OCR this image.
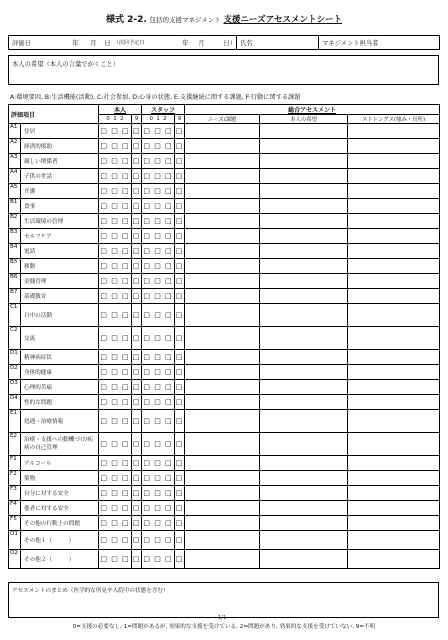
様式 2-2. 包括的支援マネジメント 支援ニーズアセスメントシート
評価日	年	月	日	（次回予定日	年	月	日）	氏名	マネジメント担当者
本人の希望（本人の言葉でかくこと）
A:環境要因, B:生活機能(活動), C:社会参加, D:心身の状態, E:支援継続に関する課題, F:行動に関する課題
評価項目		本人		スタッフ		総合アセスメント		
		0 1 2	9	0 1 2	9	ニーズ/課題	本人の希望	ストレングス(強み・長所)
A1	住居	□ □ □	□	□ □ □	□			
A2	経済的援助	□ □ □	□	□ □ □	□			
A3	親しい関係者	□ □ □	□	□ □ □	□			
A4	子供の世話	□ □ □	□	□ □ □	□			
A5	介護	□ □ □	□	□ □ □	□			
B1	食事	□ □ □	□	□ □ □	□			
B2	生活環境の管理	□ □ □	□	□ □ □	□			
B3	セルフケア	□ □ □	□	□ □ □	□			
B4	電話	□ □ □	□	□ □ □	□			
B5	移動	□ □ □	□	□ □ □	□			
B6	金銭管理	□ □ □	□	□ □ □	□			
B7	基礎教育	□ □ □	□	□ □ □	□			
C1	日中の活動	□ □ □	□	□ □ □	□			
C2	交流	□ □ □	□	□ □ □	□			
D1	精神病症状	□ □ □	□	□ □ □	□			
D2	身体的健康	□ □ □	□	□ □ □	□			
D3	心理的苦痛	□ □ □	□	□ □ □	□			
D4	性的な問題	□ □ □	□	□ □ □	□			
E1	処遇・治療情報	□ □ □	□	□ □ □	□			
E2	治療・支援への動機づけ/疾病の自己管理	□ □ □	□	□ □ □	□			
F1	アルコール	□ □ □	□	□ □ □	□			
F2	薬物	□ □ □	□	□ □ □	□			
F3	自分に対する安全	□ □ □	□	□ □ □	□			
F4	他者に対する安全	□ □ □	□	□ □ □	□			
F5	その他の行動上の問題	□ □ □	□	□ □ □	□			
O1	その他１（　　　）	□ □ □	□	□ □ □	□			
O2	その他２（　　　）	□ □ □	□	□ □ □	□			
アセスメントのまとめ（医学的な所見や入院中の状態を含む）
1/1
0=支援の必要なし, 1=問題があるが, 効果的な支援を受けている, 2=問題があり, 効果的な支援を受けていない, 9=不明
